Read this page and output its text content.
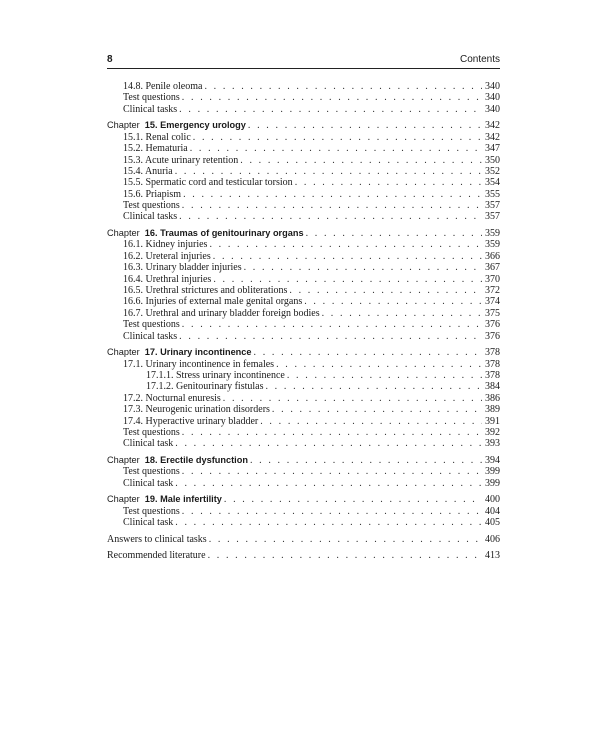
8	Contents
14.8. Penile oleoma . . .	340
Test questions . . .	340
Clinical tasks . . .	340
Chapter 15. Emergency urology . . .	342
15.1. Renal colic . . .	342
15.2. Hematuria . . .	347
15.3. Acute urinary retention . . .	350
15.4. Anuria . . .	352
15.5. Spermatic cord and testicular torsion . . .	354
15.6. Priapism . . .	355
Test questions . . .	357
Clinical tasks . . .	357
Chapter 16. Traumas of genitourinary organs . . .	359
16.1. Kidney injuries . . .	359
16.2. Ureteral injuries . . .	366
16.3. Urinary bladder injuries . . .	367
16.4. Urethral injuries . . .	370
16.5. Urethral strictures and obliterations . . .	372
16.6. Injuries of external male genital organs . . .	374
16.7. Urethral and urinary bladder foreign bodies . . .	375
Test questions . . .	376
Clinical tasks . . .	376
Chapter 17. Urinary incontinence . . .	378
17.1. Urinary incontinence in females . . .	378
17.1.1. Stress urinary incontinence . . .	378
17.1.2. Genitourinary fistulas . . .	384
17.2. Nocturnal enuresis . . .	386
17.3. Neurogenic urination disorders . . .	389
17.4. Hyperactive urinary bladder . . .	391
Test questions . . .	392
Clinical task . . .	393
Chapter 18. Erectile dysfunction . . .	394
Test questions . . .	399
Clinical task . . .	399
Chapter 19. Male infertility . . .	400
Test questions . . .	404
Clinical task . . .	405
Answers to clinical tasks . . .	406
Recommended literature . . .	413
